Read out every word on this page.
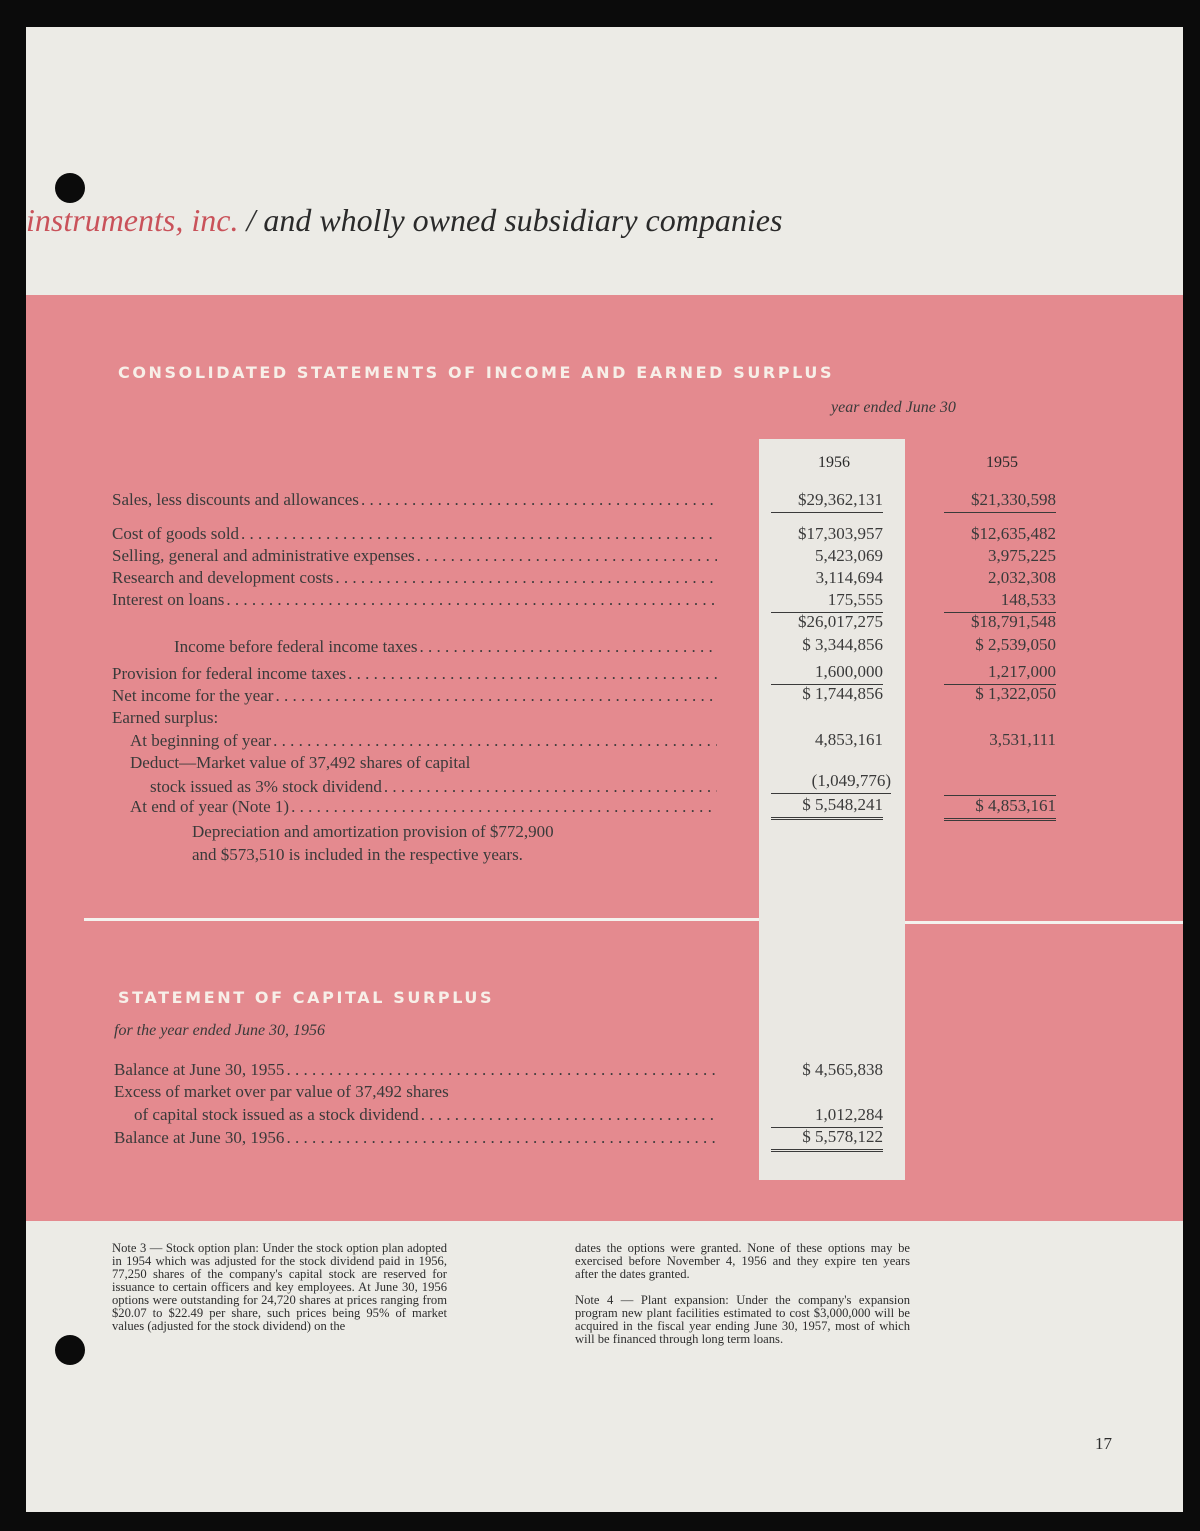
instruments, inc. / and wholly owned subsidiary companies
CONSOLIDATED STATEMENTS OF INCOME AND EARNED SURPLUS
year ended June 30
1956	1955
Sales, less discounts and allowances . . .	$29,362,131	$21,330,598
Cost of goods sold . . .	$17,303,957	$12,635,482
Selling, general and administrative expenses . . .	5,423,069	3,975,225
Research and development costs . . .	3,114,694	2,032,308
Interest on loans . . .	175,555	148,533
$26,017,275	$18,791,548
Income before federal income taxes . . .	$ 3,344,856	$ 2,539,050
Provision for federal income taxes . . .	1,600,000	1,217,000
Net income for the year . . .	$ 1,744,856	$ 1,322,050
Earned surplus:
At beginning of year . . .	4,853,161	3,531,111
Deduct—Market value of 37,492 shares of capital
stock issued as 3% stock dividend . . .	(1,049,776)
At end of year (Note 1) . . .	$ 5,548,241	$ 4,853,161
Depreciation and amortization provision of $772,900
and $573,510 is included in the respective years.
STATEMENT OF CAPITAL SURPLUS
for the year ended June 30, 1956
Balance at June 30, 1955 . . .	$ 4,565,838
Excess of market over par value of 37,492 shares
of capital stock issued as a stock dividend . . .	1,012,284
Balance at June 30, 1956 . . .	$ 5,578,122
Note 3 — Stock option plan: Under the stock option plan adopted in 1954 which was adjusted for the stock dividend paid in 1956, 77,250 shares of the company's capital stock are reserved for issuance to certain officers and key employees. At June 30, 1956 options were outstanding for 24,720 shares at prices ranging from $20.07 to $22.49 per share, such prices being 95% of market values (adjusted for the stock dividend) on the
dates the options were granted. None of these options may be exercised before November 4, 1956 and they expire ten years after the dates granted.
Note 4 — Plant expansion: Under the company's expansion program new plant facilities estimated to cost $3,000,000 will be acquired in the fiscal year ending June 30, 1957, most of which will be financed through long term loans.
17
